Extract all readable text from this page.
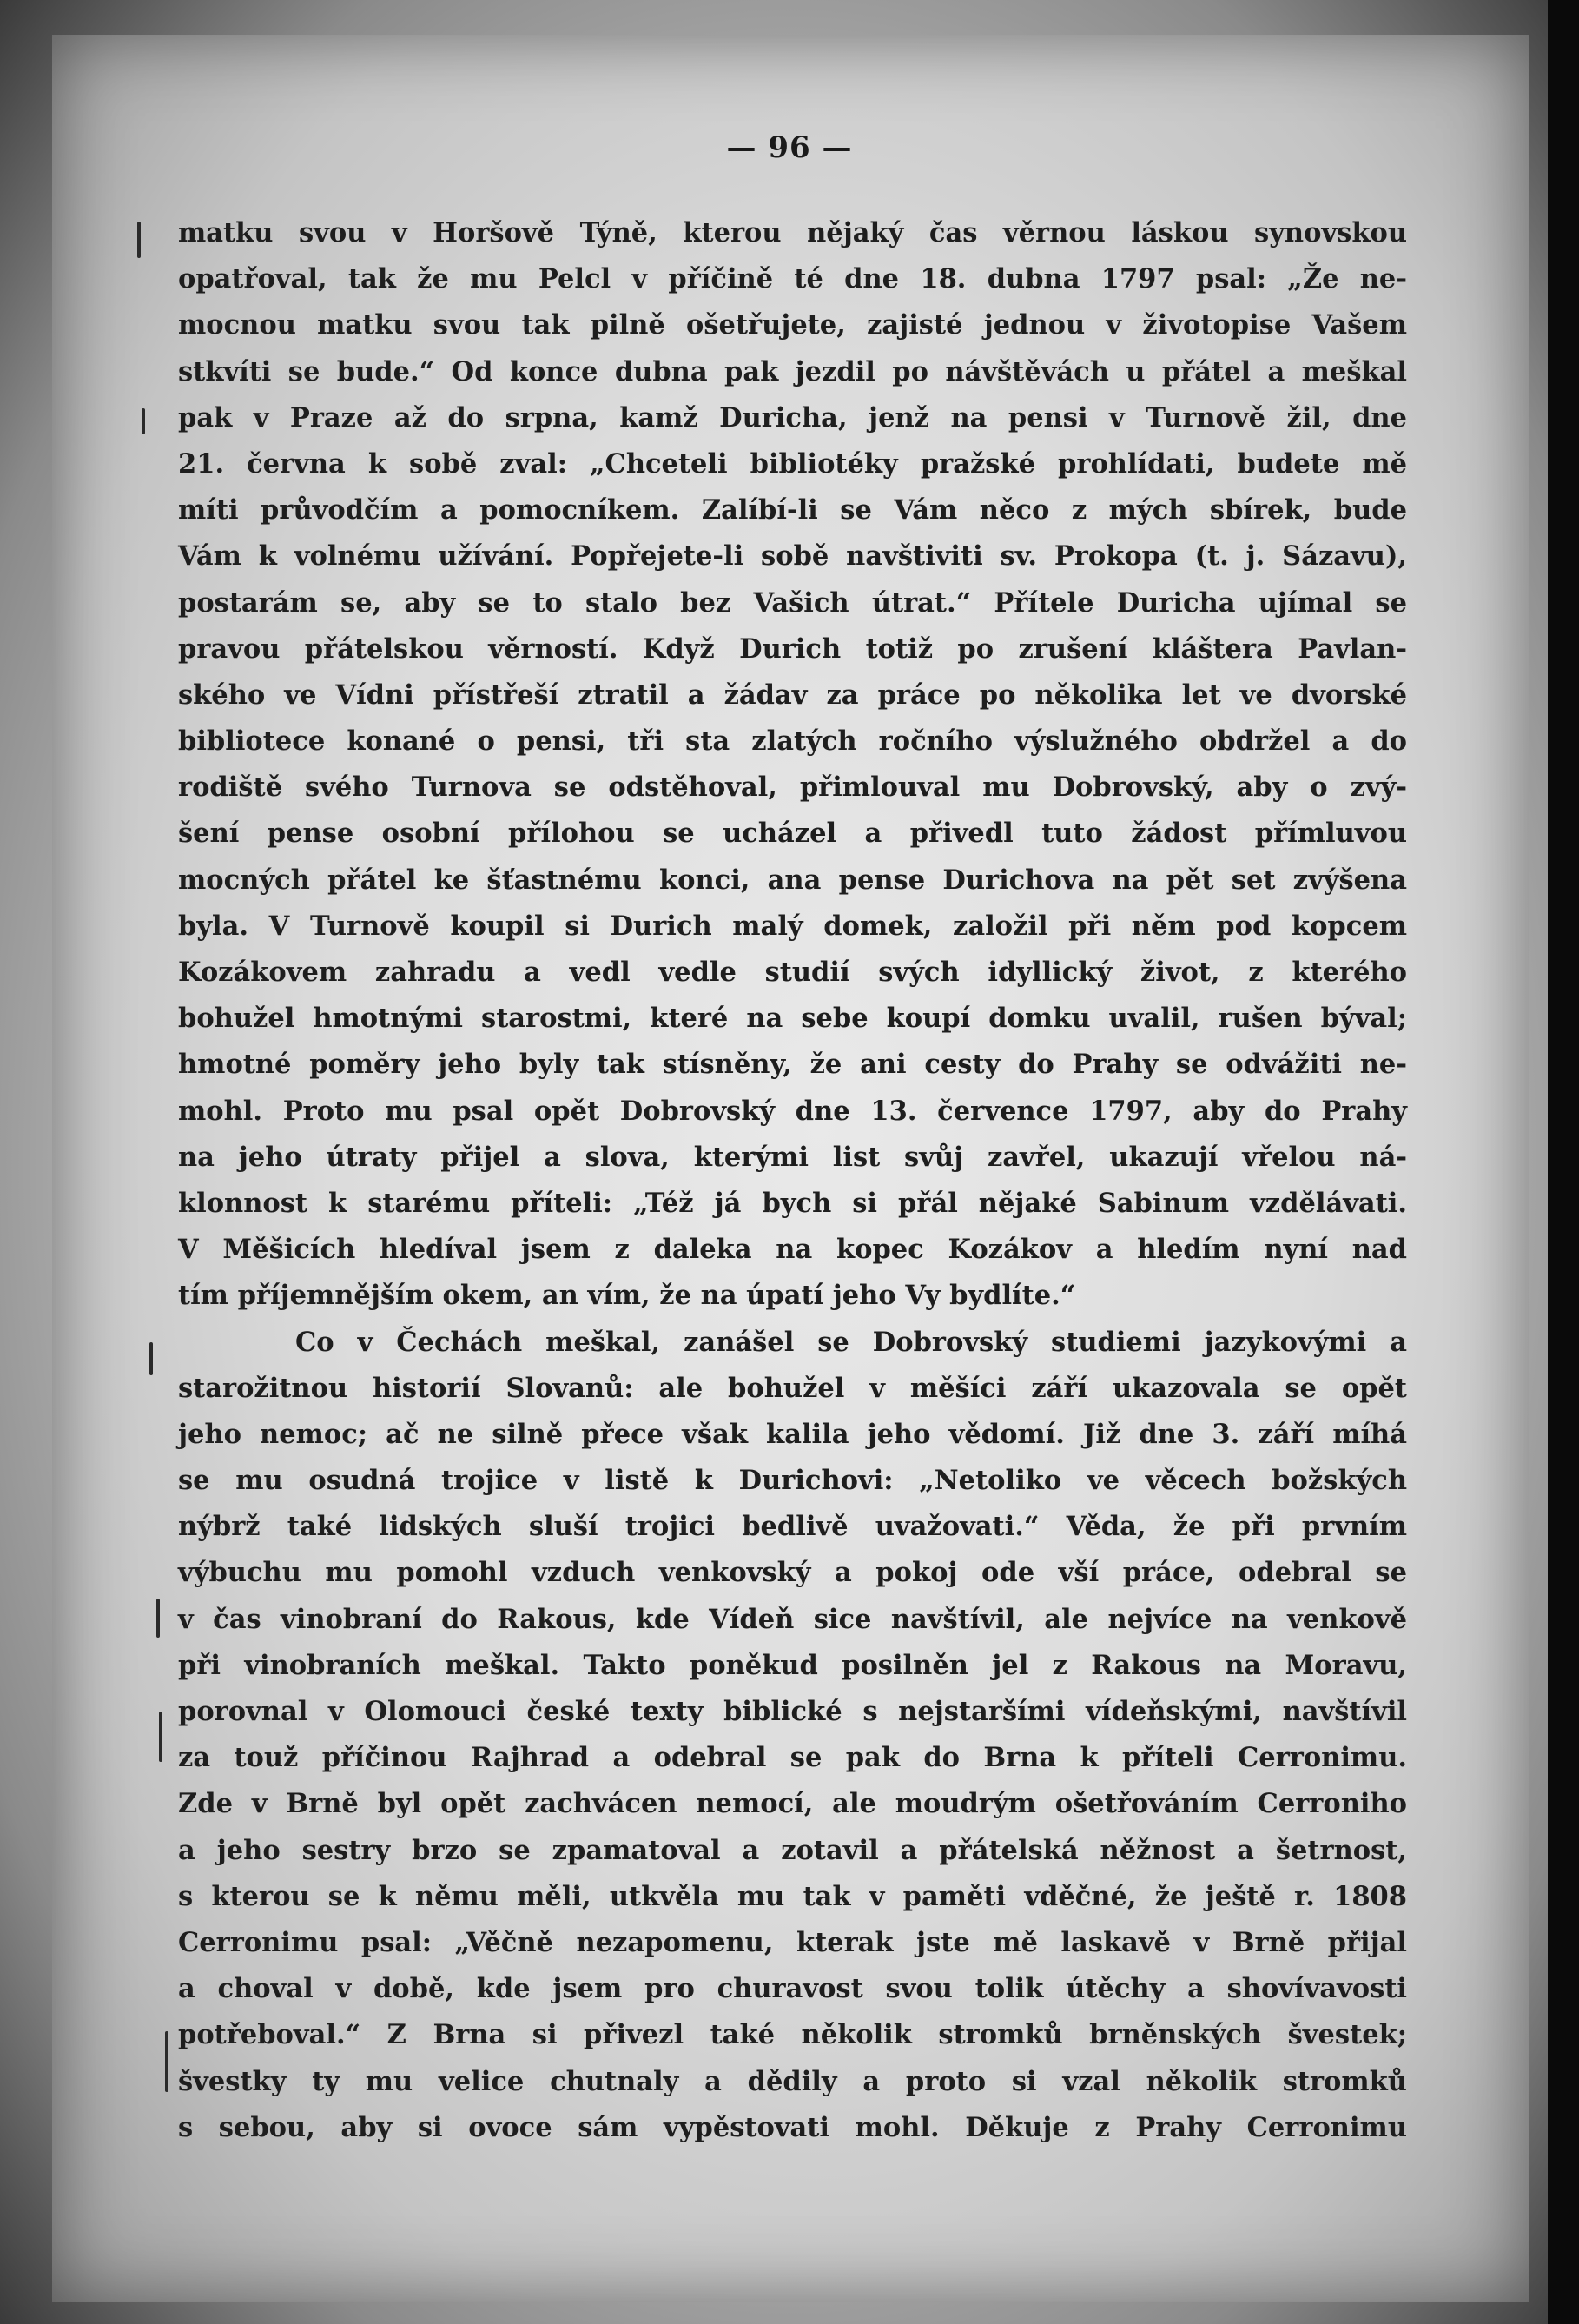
— 96 —
matku svou v Horšově Týně, kterou nějaký čas věrnou láskou synovskou
opatřoval, tak že mu Pelcl v příčině té dne 18. dubna 1797 psal: „Že ne-
mocnou matku svou tak pilně ošetřujete, zajisté jednou v životopise Vašem
stkvíti se bude.“ Od konce dubna pak jezdil po návštěvách u přátel a meškal
pak v Praze až do srpna, kamž Duricha, jenž na pensi v Turnově žil, dne
21. června k sobě zval: „Chceteli bibliotéky pražské prohlídati, budete mě
míti průvodčím a pomocníkem. Zalíbí-li se Vám něco z mých sbírek, bude
Vám k volnému užívání. Popřejete-li sobě navštiviti sv. Prokopa (t. j. Sázavu),
postarám se, aby se to stalo bez Vašich útrat.“ Přítele Duricha ujímal se
pravou přátelskou věrností. Když Durich totiž po zrušení kláštera Pavlan-
ského ve Vídni přístřeší ztratil a žádav za práce po několika let ve dvorské
bibliotece konané o pensi, tři sta zlatých ročního výslužného obdržel a do
rodiště svého Turnova se odstěhoval, přimlouval mu Dobrovský, aby o zvý-
šení pense osobní přílohou se ucházel a přivedl tuto žádost přímluvou
mocných přátel ke šťastnému konci, ana pense Durichova na pět set zvýšena
byla. V Turnově koupil si Durich malý domek, založil při něm pod kopcem
Kozákovem zahradu a vedl vedle studií svých idyllický život, z kterého
bohužel hmotnými starostmi, které na sebe koupí domku uvalil, rušen býval;
hmotné poměry jeho byly tak stísněny, že ani cesty do Prahy se odvážiti ne-
mohl. Proto mu psal opět Dobrovský dne 13. července 1797, aby do Prahy
na jeho útraty přijel a slova, kterými list svůj zavřel, ukazují vřelou ná-
klonnost k starému příteli: „Též já bych si přál nějaké Sabinum vzdělávati.
V Měšicích hledíval jsem z daleka na kopec Kozákov a hledím nyní nad
tím příjemnějším okem, an vím, že na úpatí jeho Vy bydlíte.“
Co v Čechách meškal, zanášel se Dobrovský studiemi jazykovými a
starožitnou historií Slovanů: ale bohužel v měšíci září ukazovala se opět
jeho nemoc; ač ne silně přece však kalila jeho vědomí. Již dne 3. září míhá
se mu osudná trojice v listě k Durichovi: „Netoliko ve věcech božských
nýbrž také lidských sluší trojici bedlivě uvažovati.“ Věda, že při prvním
výbuchu mu pomohl vzduch venkovský a pokoj ode vší práce, odebral se
v čas vinobraní do Rakous, kde Vídeň sice navštívil, ale nejvíce na venkově
při vinobraních meškal. Takto poněkud posilněn jel z Rakous na Moravu,
porovnal v Olomouci české texty biblické s nejstaršími vídeňskými, navštívil
za touž příčinou Rajhrad a odebral se pak do Brna k příteli Cerronimu.
Zde v Brně byl opět zachvácen nemocí, ale moudrým ošetřováním Cerroniho
a jeho sestry brzo se zpamatoval a zotavil a přátelská něžnost a šetrnost,
s kterou se k němu měli, utkvěla mu tak v paměti vděčné, že ještě r. 1808
Cerronimu psal: „Věčně nezapomenu, kterak jste mě laskavě v Brně přijal
a choval v době, kde jsem pro churavost svou tolik útěchy a shovívavosti
potřeboval.“ Z Brna si přivezl také několik stromků brněnských švestek;
švestky ty mu velice chutnaly a dědily a proto si vzal několik stromků
s sebou, aby si ovoce sám vypěstovati mohl. Děkuje z Prahy Cerronimu
